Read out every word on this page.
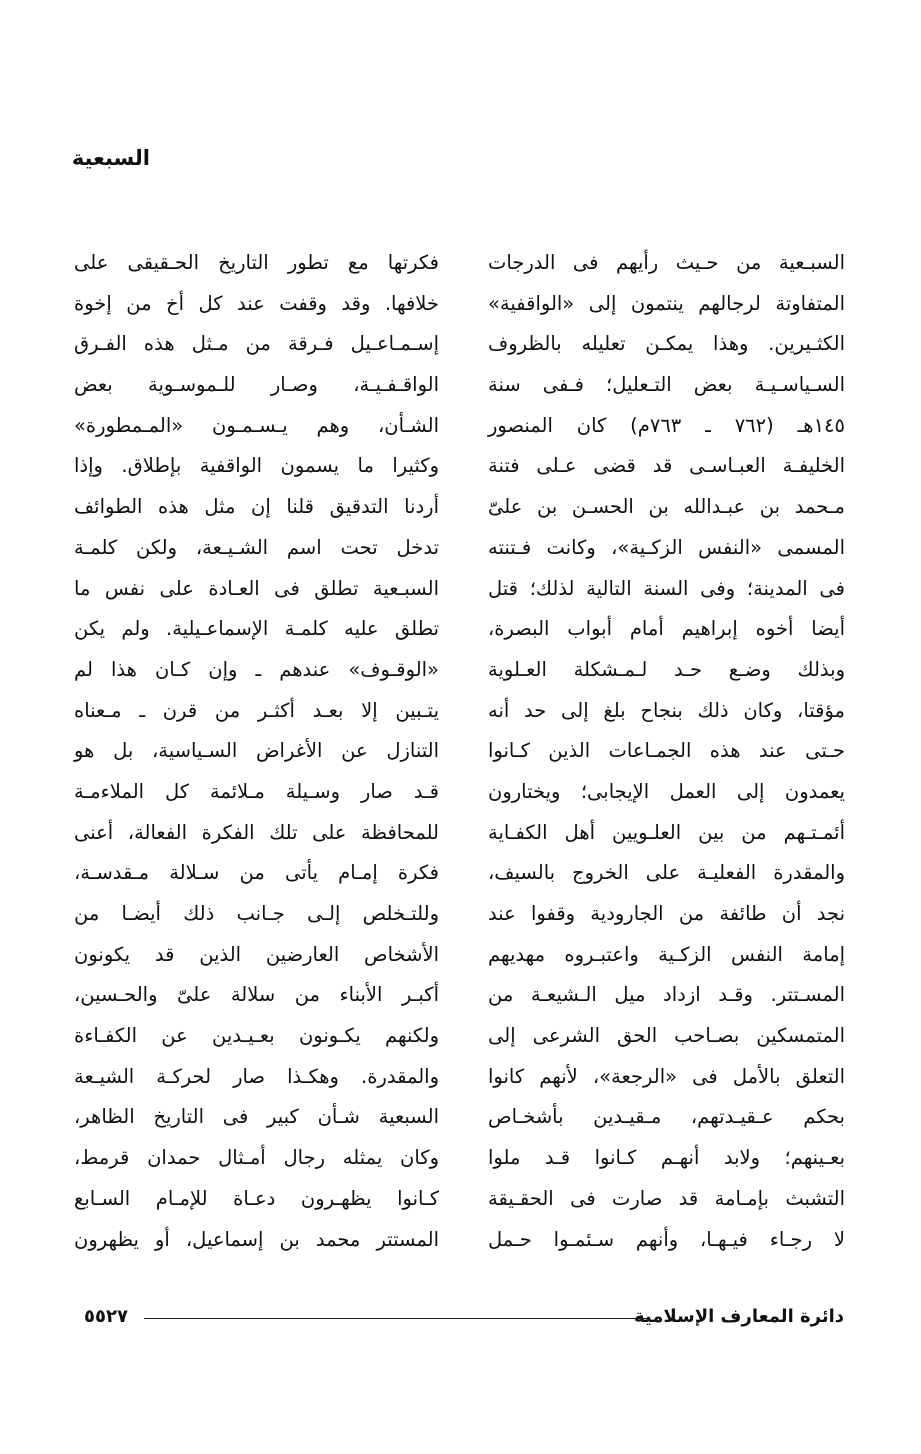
السبعية
السبـعية من حـيث رأيهم فى الدرجات
المتفاوتة لرجالهم ينتمون إلى «الواقفية»
الكثـيرين. وهذا يمكـن تعليله بالظروف
السـياسـيـة بعض التـعليل؛ فـفى سنة
١٤٥هـ (٧٦٢ ـ ٧٦٣م) كان المنصور
الخليفـة العبـاسـى قد قضى عـلى فتنة
مـحمد بن عبـدالله بن الحسـن بن علىّ
المسمى «النفس الزكـية»، وكانت فـتنته
فى المدينة؛ وفى السنة التالية لذلك؛ قتل
أيضا أخوه إبراهيم أمام أبواب البصرة،
وبذلك وضـع حـد لـمـشكلة العـلوية
مؤقتا، وكان ذلك بنجاح بلغ إلى حد أنه
حـتى عند هذه الجمـاعات الذين كـانوا
يعمدون إلى العمل الإيجابى؛ ويختارون
أئمـتـهم من بين العلـويين أهل الكفـاية
والمقدرة الفعليـة على الخروج بالسيف،
نجد أن طائفة من الجارودية وقفوا عند
إمامة النفس الزكـية واعتبـروه مهديهم
المسـتتر. وقـد ازداد ميل الـشيعـة من
المتمسكين بصـاحب الحق الشرعى إلى
التعلق بالأمل فى «الرجعة»، لأنهم كانوا
بحكم عـقيـدتهم، مـقيـدين بأشخـاص
بعـينهم؛ ولابد أنهـم كـانوا قـد ملوا
التشبث بإمـامة قد صارت فى الحقـيقة
لا رجـاء فيـهـا، وأنهم سـئمـوا حـمل
فكرتها مع تطور التاريخ الحـقيقى على
خلافها. وقد وقفت عند كل أخ من إخوة
إسـمـاعـيل فـرقة من مـثل هذه الفـرق
الواقـفـيـة، وصـار للـموسـوية بعض
الشـأن، وهم يـسـمـون «المـمطورة»
وكثيرا ما يسمون الواقفية بإطلاق. وإذا
أردنا التدقيق قلنا إن مثل هذه الطوائف
تدخل تحت اسم الشـيـعة، ولكن كلمـة
السبـعية تطلق فى العـادة على نفس ما
تطلق عليه كلمـة الإسماعـيلية. ولم يكن
«الوقـوف» عندهم ـ وإن كـان هذا لم
يتـبين إلا بعـد أكثـر من قرن ـ مـعناه
التنازل عن الأغراض السـياسية، بل هو
قـد صار وسـيلة مـلائمة كل الملاءمـة
للمحافظة على تلك الفكرة الفعالة، أعنى
فكرة إمـام يأتى من سـلالة مـقدسـة،
وللتـخلص إلـى جـانب ذلك أيضـا من
الأشخاص العارضين الذين قد يكونون
أكبـر الأبناء من سلالة علىّ والحـسين،
ولكنهم يكـونون بعـيـدين عن الكفـاءة
والمقدرة. وهكـذا صار لحركـة الشيـعة
السبعية شـأن كبير فى التاريخ الظاهر،
وكان يمثله رجال أمـثال حمدان قرمط،
كـانوا يظهـرون دعـاة للإمـام السـابع
المستتر محمد بن إسماعيل، أو يظهرون
دائرة المعارف الإسلامية
٥٥٢٧
